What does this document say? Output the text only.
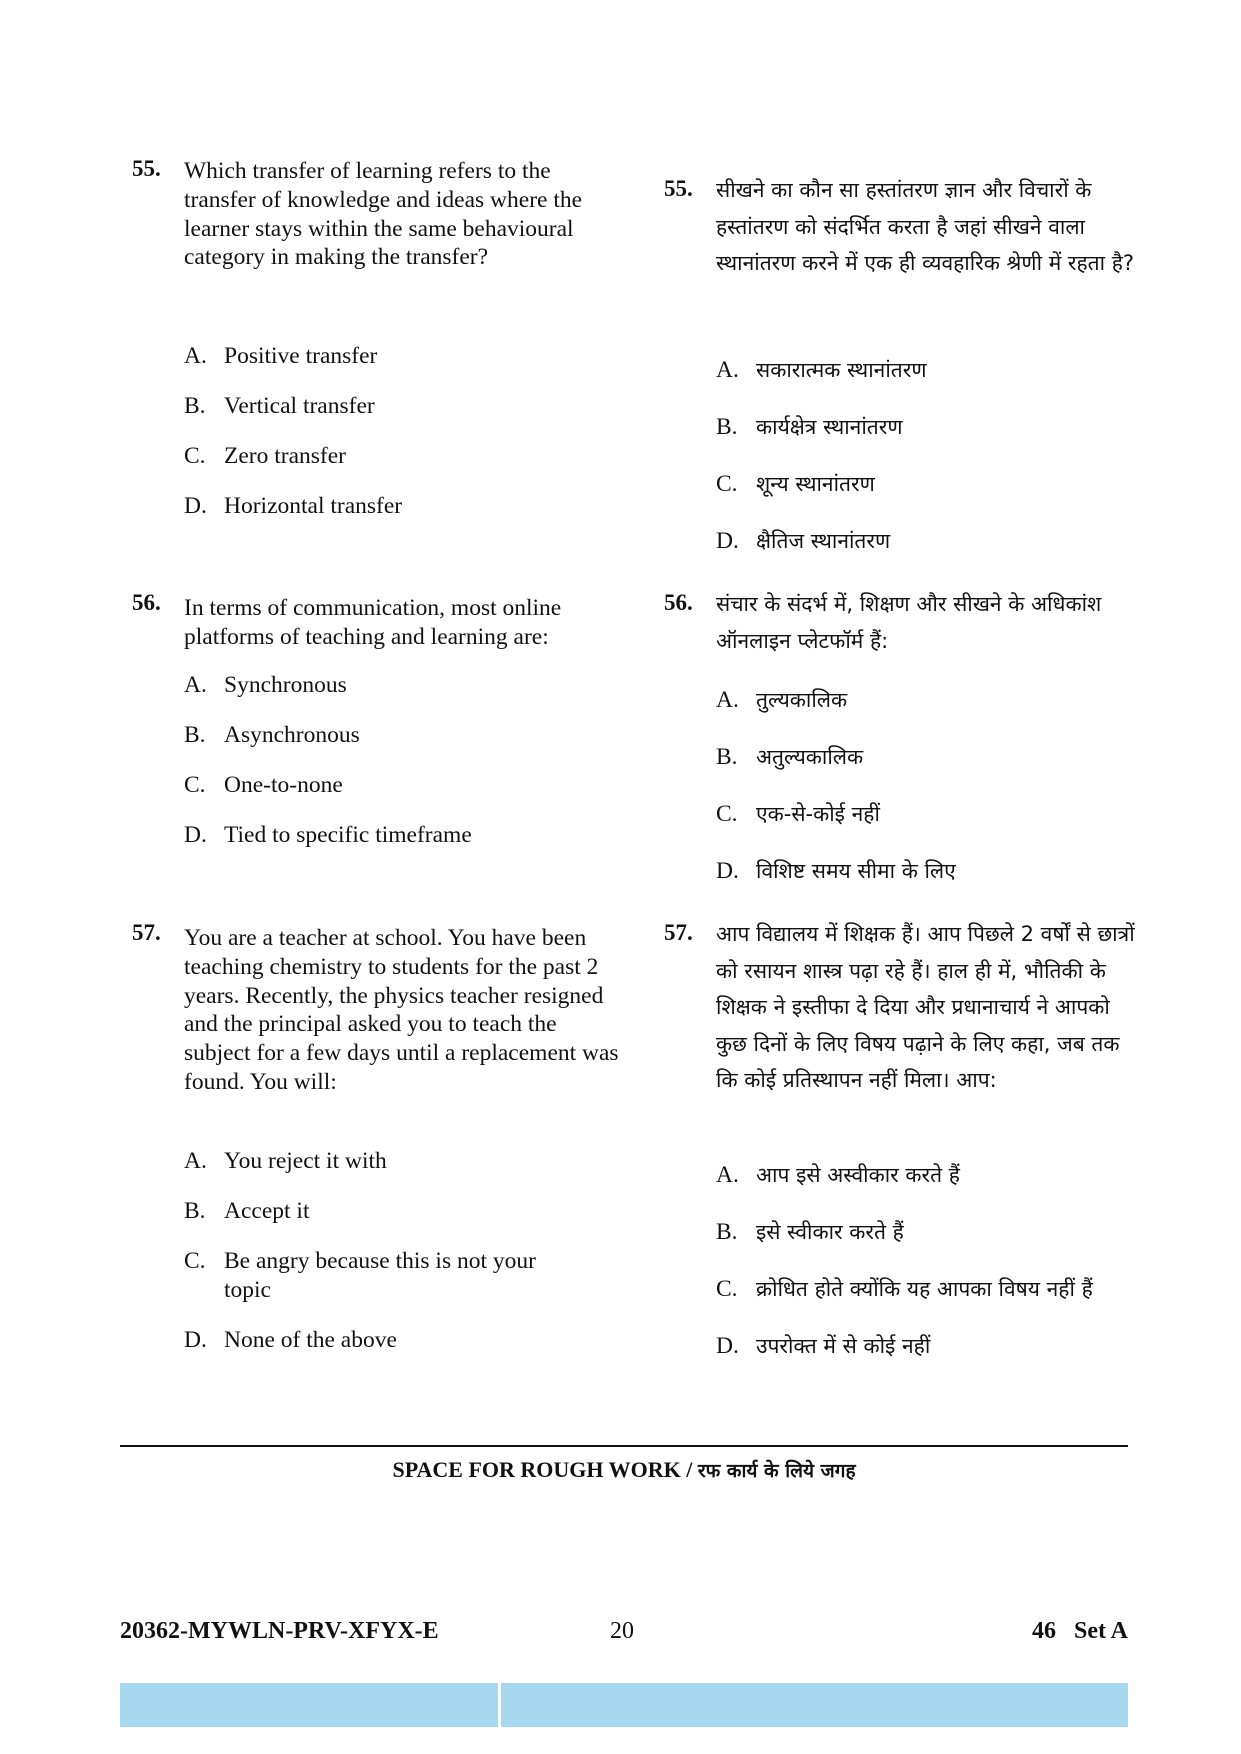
55. Which transfer of learning refers to the transfer of knowledge and ideas where the learner stays within the same behavioural category in making the transfer?

A. Positive transfer
B. Vertical transfer
C. Zero transfer
D. Horizontal transfer
56. In terms of communication, most online platforms of teaching and learning are:

A. Synchronous
B. Asynchronous
C. One-to-none
D. Tied to specific timeframe
57. You are a teacher at school. You have been teaching chemistry to students for the past 2 years. Recently, the physics teacher resigned and the principal asked you to teach the subject for a few days until a replacement was found. You will:

A. You reject it with
B. Accept it
C. Be angry because this is not your topic
D. None of the above
55. सीखने का कौन सा हस्तांतरण ज्ञान और विचारों के हस्तांतरण को संदर्भित करता है जहां सीखने वाला स्थानांतरण करने में एक ही व्यवहारिक श्रेणी में रहता है?

A. सकारात्मक स्थानांतरण
B. कार्यक्षेत्र स्थानांतरण
C. शून्य स्थानांतरण
D. क्षैतिज स्थानांतरण
56. संचार के संदर्भ में, शिक्षण और सीखने के अधिकांश ऑनलाइन प्लेटफॉर्म हैं:

A. तुल्यकालिक
B. अतुल्यकालिक
C. एक-से-कोई नहीं
D. विशिष्ट समय सीमा के लिए
57. आप विद्यालय में शिक्षक हैं। आप पिछले 2 वर्षों से छात्रों को रसायन शास्त्र पढ़ा रहे हैं। हाल ही में, भौतिकी के शिक्षक ने इस्तीफा दे दिया और प्रधानाचार्य ने आपको कुछ दिनों के लिए विषय पढ़ाने के लिए कहा, जब तक कि कोई प्रतिस्थापन नहीं मिला। आप:

A. आप इसे अस्वीकार करते हैं
B. इसे स्वीकार करते हैं
C. क्रोधित होते क्योंकि यह आपका विषय नहीं हैं
D. उपरोक्त में से कोई नहीं
SPACE FOR ROUGH WORK / रफ कार्य के लिये जगह
20362-MYWLN-PRV-XFYX-E	20	46   Set A
